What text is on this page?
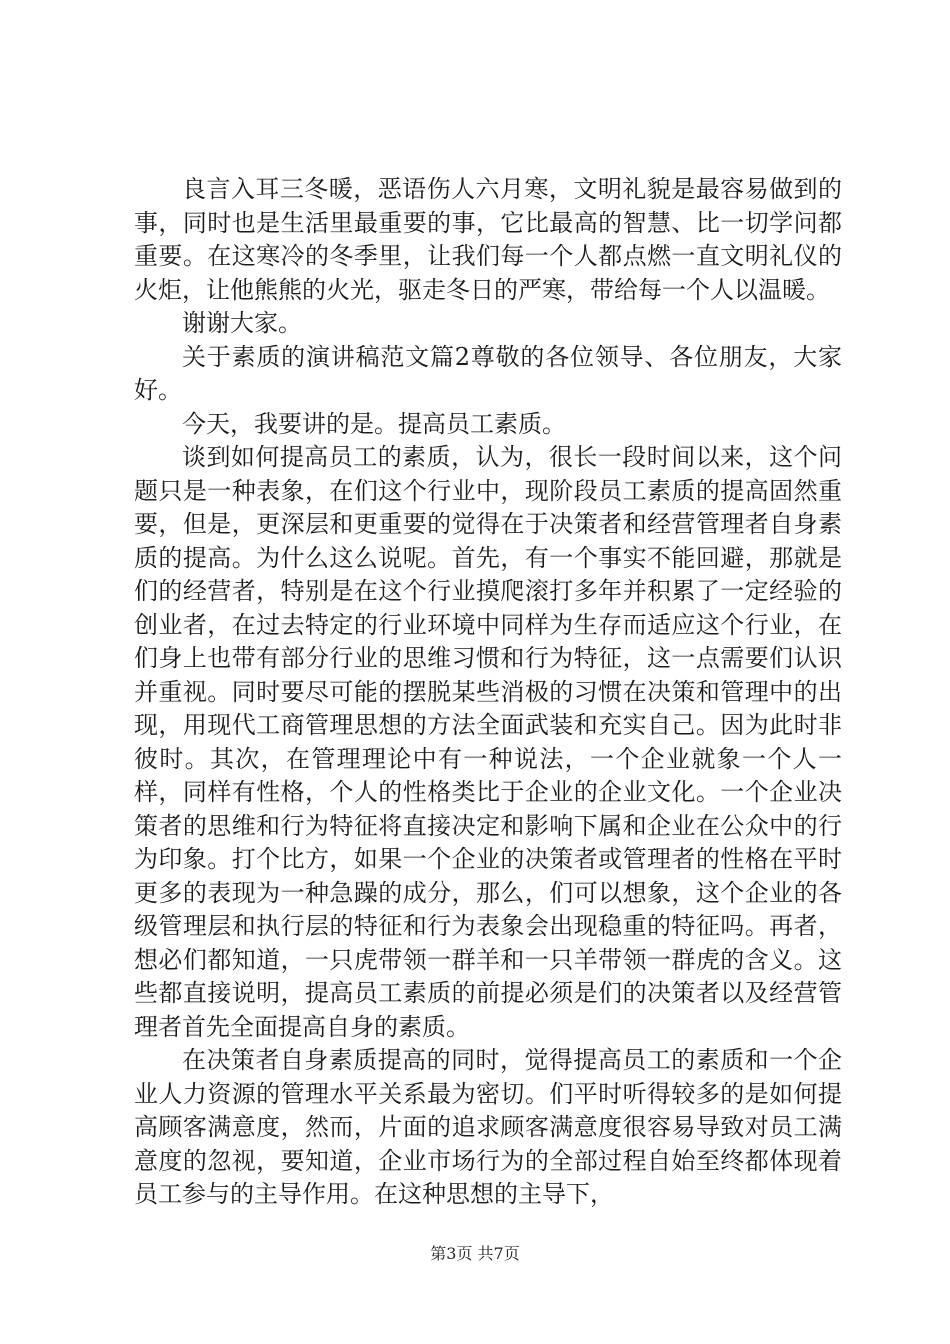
良言入耳三冬暖，恶语伤人六月寒，文明礼貌是最容易做到的事，同时也是生活里最重要的事，它比最高的智慧、比一切学问都重要。在这寒冷的冬季里，让我们每一个人都点燃一直文明礼仪的火炬，让他熊熊的火光，驱走冬日的严寒，带给每一个人以温暖。

谢谢大家。

关于素质的演讲稿范文篇2尊敬的各位领导、各位朋友，大家好。

今天，我要讲的是。提高员工素质。

谈到如何提高员工的素质，认为，很长一段时间以来，这个问题只是一种表象，在们这个行业中，现阶段员工素质的提高固然重要，但是，更深层和更重要的觉得在于决策者和经营管理者自身素质的提高。为什么这么说呢。首先，有一个事实不能回避，那就是们的经营者，特别是在这个行业摸爬滚打多年并积累了一定经验的创业者，在过去特定的行业环境中同样为生存而适应这个行业，在们身上也带有部分行业的思维习惯和行为特征，这一点需要们认识并重视。同时要尽可能的摆脱某些消极的习惯在决策和管理中的出现，用现代工商管理思想的方法全面武装和充实自己。因为此时非彼时。其次，在管理理论中有一种说法，一个企业就象一个人一样，同样有性格，个人的性格类比于企业的企业文化。一个企业决策者的思维和行为特征将直接决定和影响下属和企业在公众中的行为印象。打个比方，如果一个企业的决策者或管理者的性格在平时更多的表现为一种急躁的成分，那么，们可以想象，这个企业的各级管理层和执行层的特征和行为表象会出现稳重的特征吗。再者，想必们都知道，一只虎带领一群羊和一只羊带领一群虎的含义。这些都直接说明，提高员工素质的前提必须是们的决策者以及经营管理者首先全面提高自身的素质。

在决策者自身素质提高的同时，觉得提高员工的素质和一个企业人力资源的管理水平关系最为密切。们平时听得较多的是如何提高顾客满意度，然而，片面的追求顾客满意度很容易导致对员工满意度的忽视，要知道，企业市场行为的全部过程自始至终都体现着员工参与的主导作用。在这种思想的主导下，

第3页 共7页
